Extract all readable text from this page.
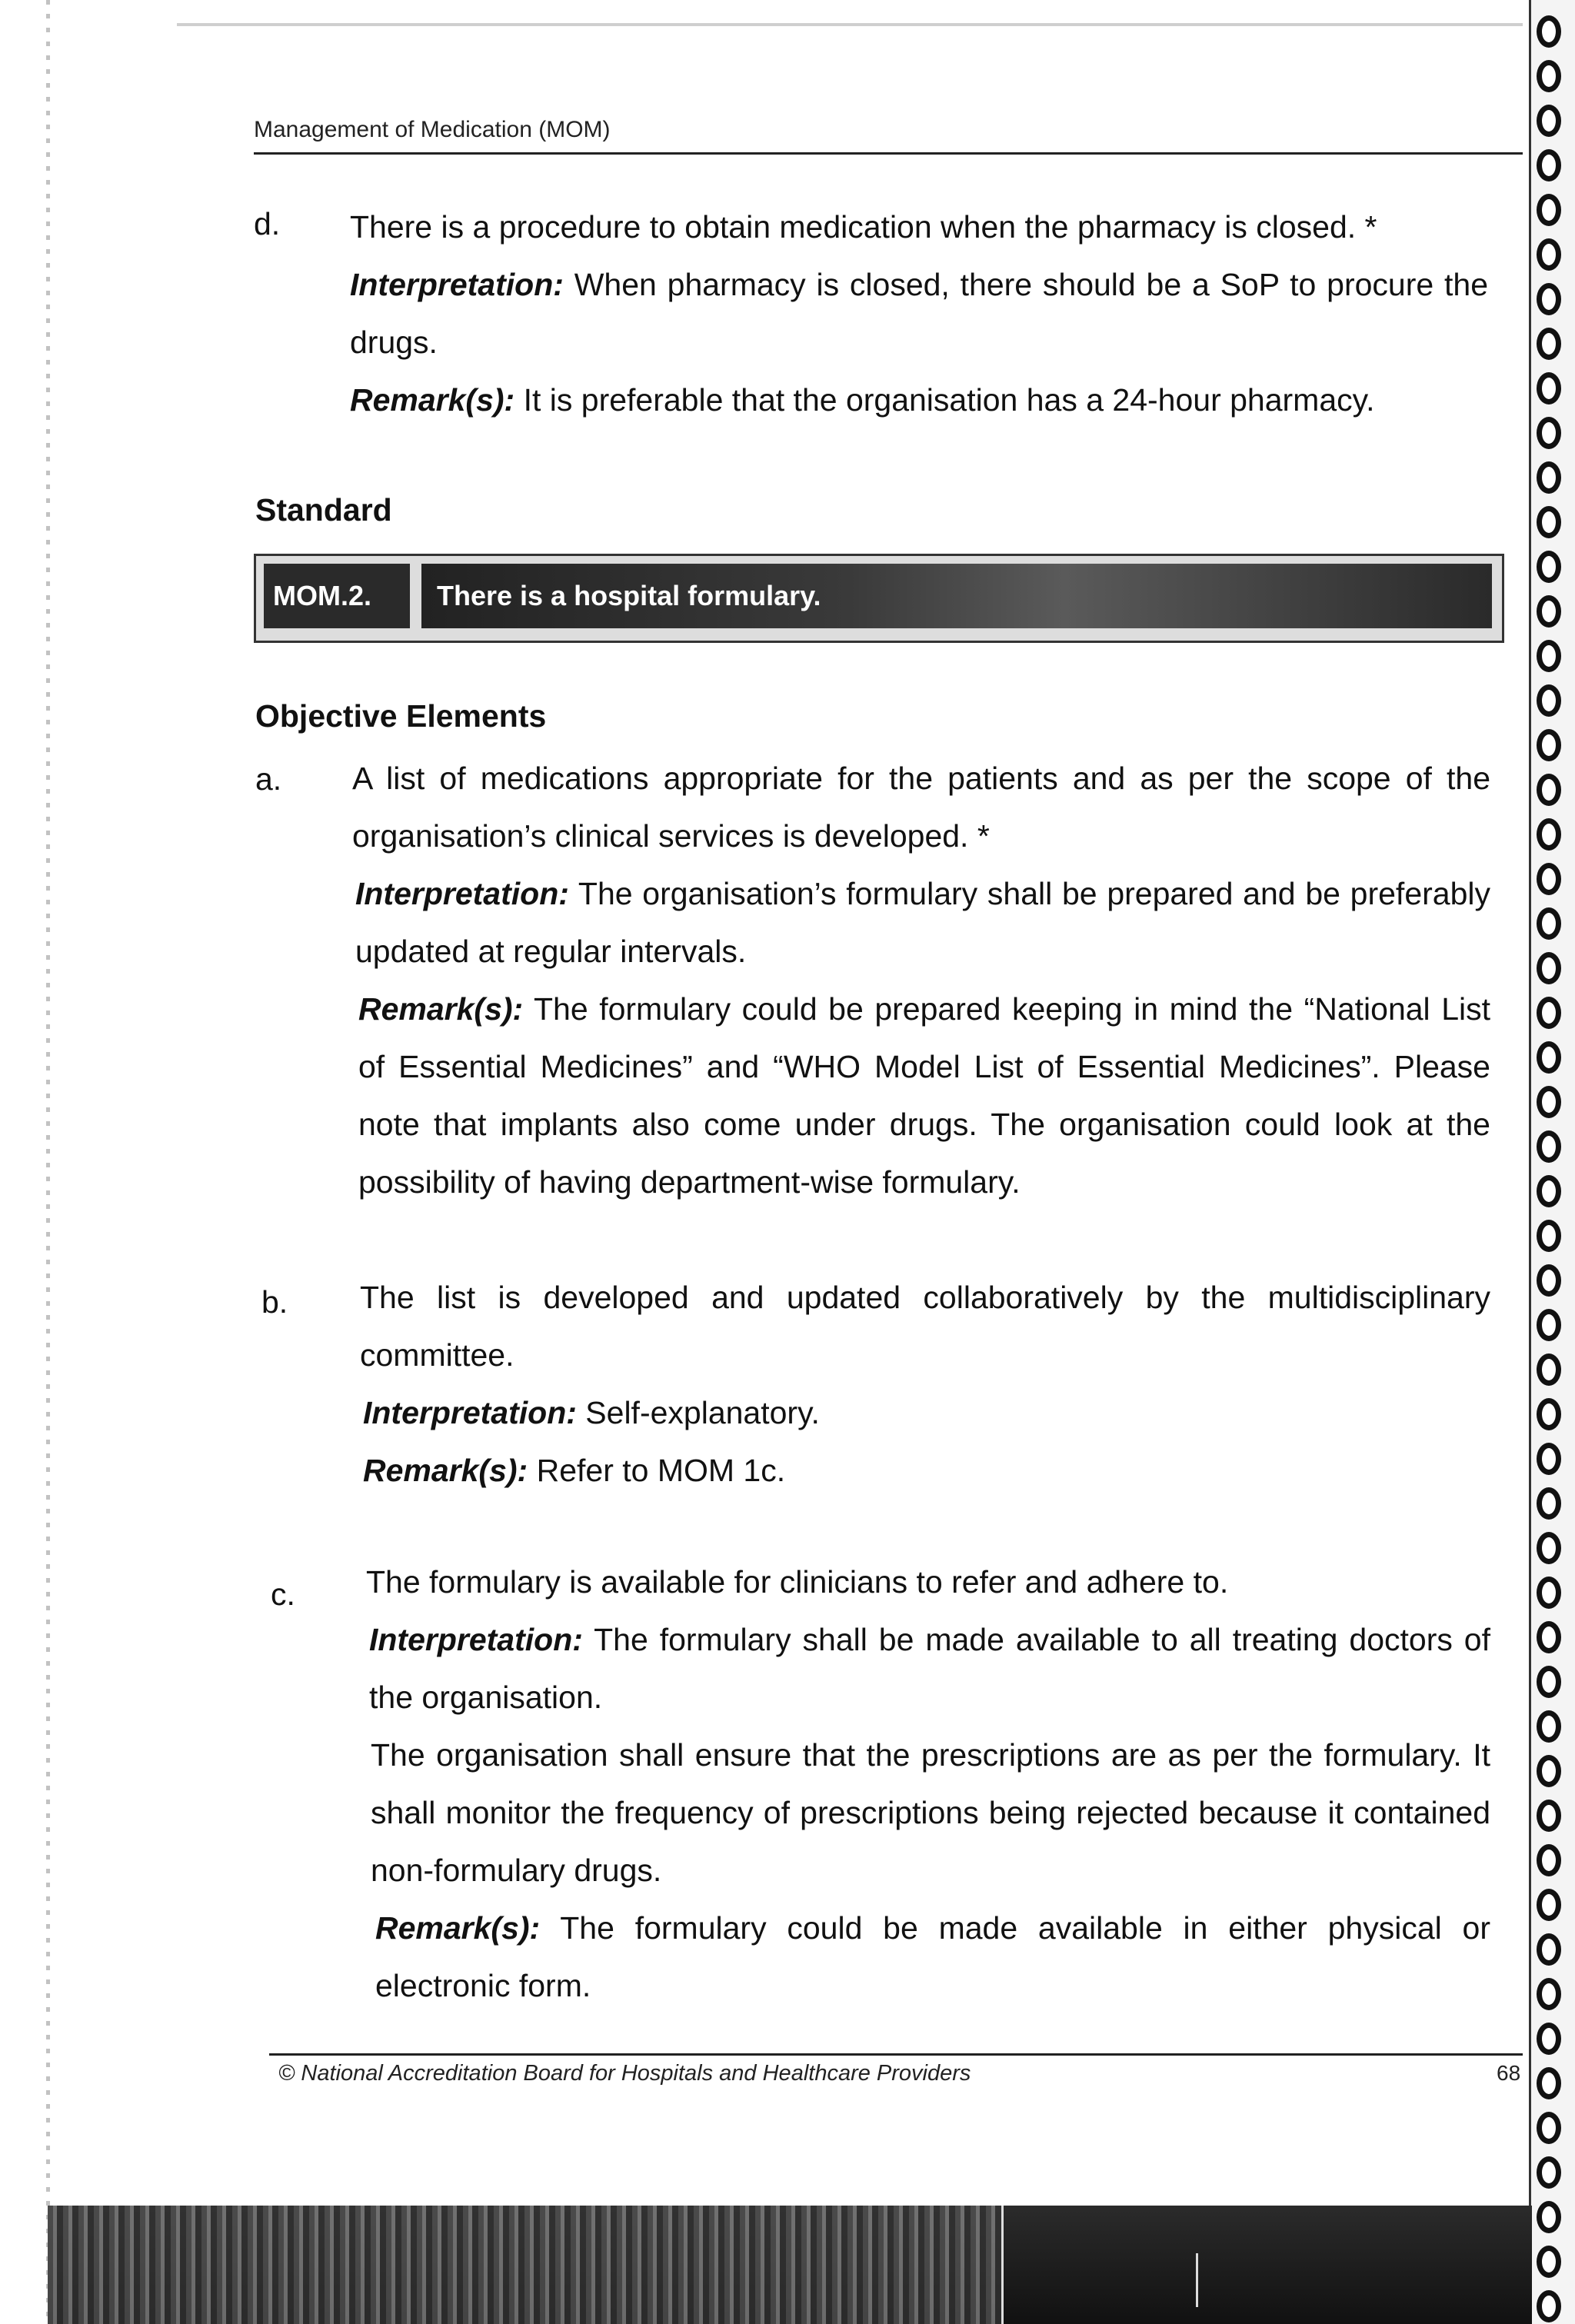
Management of Medication (MOM)
d. There is a procedure to obtain medication when the pharmacy is closed. *
Interpretation: When pharmacy is closed, there should be a SoP to procure the drugs.
Remark(s): It is preferable that the organisation has a 24-hour pharmacy.
Standard
MOM.2.	There is a hospital formulary.
Objective Elements
a. A list of medications appropriate for the patients and as per the scope of the organisation’s clinical services is developed. *
Interpretation: The organisation’s formulary shall be prepared and be preferably updated at regular intervals.
Remark(s): The formulary could be prepared keeping in mind the “National List of Essential Medicines” and “WHO Model List of Essential Medicines”. Please note that implants also come under drugs. The organisation could look at the possibility of having department-wise formulary.
b. The list is developed and updated collaboratively by the multidisciplinary committee.
Interpretation: Self-explanatory.
Remark(s): Refer to MOM 1c.
c. The formulary is available for clinicians to refer and adhere to.
Interpretation: The formulary shall be made available to all treating doctors of the organisation.
The organisation shall ensure that the prescriptions are as per the formulary. It shall monitor the frequency of prescriptions being rejected because it contained non-formulary drugs.
Remark(s): The formulary could be made available in either physical or electronic form.
© National Accreditation Board for Hospitals and Healthcare Providers	68
